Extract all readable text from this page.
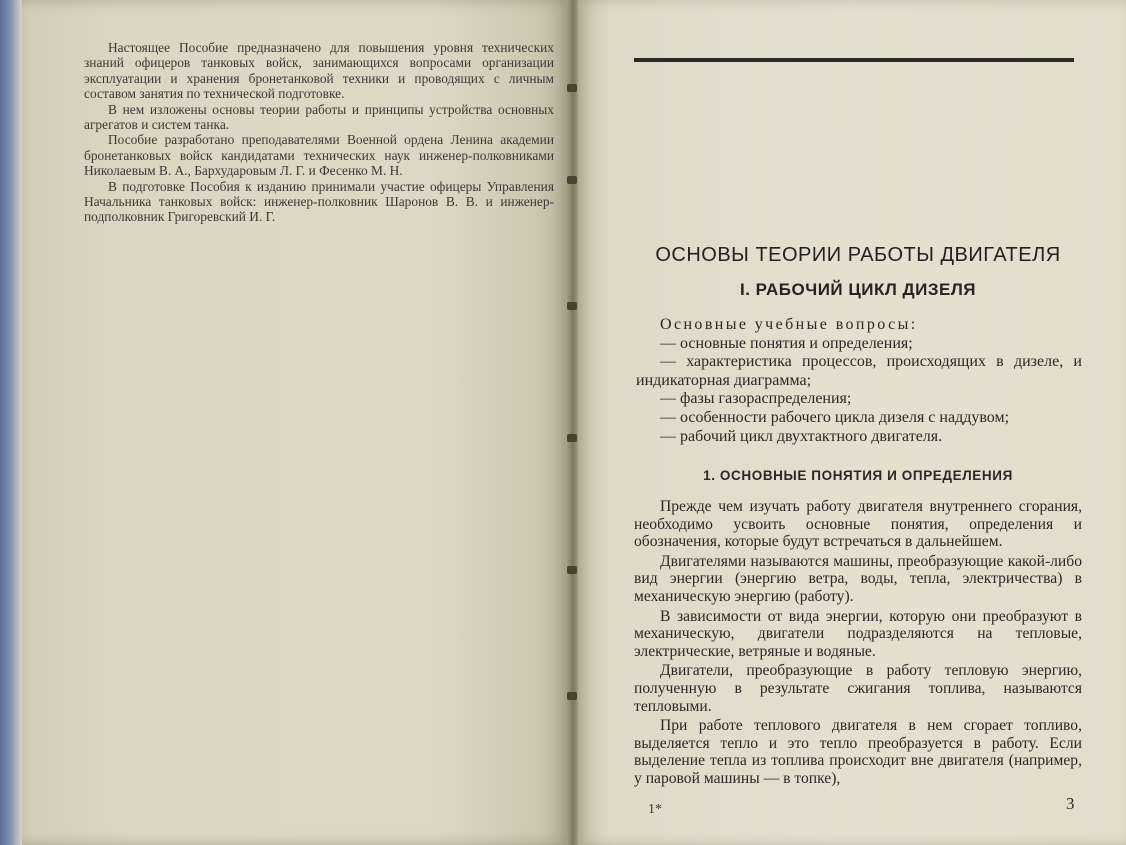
Настоящее Пособие предназначено для повышения уровня технических знаний офицеров танковых войск, занимающихся вопросами организации эксплуатации и хранения бронетанковой техники и проводящих с личным составом занятия по технической подготовке.

В нем изложены основы теории работы и принципы устройства основных агрегатов и систем танка.

Пособие разработано преподавателями Военной ордена Ленина академии бронетанковых войск кандидатами технических наук инженер-полковниками Николаевым В. А., Бархударовым Л. Г. и Фесенко М. Н.

В подготовке Пособия к изданию принимали участие офицеры Управления Начальника танковых войск: инженер-полковник Шаронов В. В. и инженер-подполковник Григоревский И. Г.

ОСНОВЫ ТЕОРИИ РАБОТЫ ДВИГАТЕЛЯ
I. РАБОЧИЙ ЦИКЛ ДИЗЕЛЯ

Основные учебные вопросы:

— основные понятия и определения;

— характеристика процессов, происходящих в дизеле, и индикаторная диаграмма;

— фазы газораспределения;

— особенности рабочего цикла дизеля с наддувом;

— рабочий цикл двухтактного двигателя.

1. ОСНОВНЫЕ ПОНЯТИЯ И ОПРЕДЕЛЕНИЯ

Прежде чем изучать работу двигателя внутреннего сгорания, необходимо усвоить основные понятия, определения и обозначения, которые будут встречаться в дальнейшем.

Двигателями называются машины, преобразующие какой-либо вид энергии (энергию ветра, воды, тепла, электричества) в механическую энергию (работу).

В зависимости от вида энергии, которую они преобразуют в механическую, двигатели подразделяются на тепловые, электрические, ветряные и водяные.

Двигатели, преобразующие в работу тепловую энергию, полученную в результате сжигания топлива, называются тепловыми.

При работе теплового двигателя в нем сгорает топливо, выделяется тепло и это тепло преобразуется в работу. Если выделение тепла из топлива происходит вне двигателя (например, у паровой машины — в топке),

1*	3
